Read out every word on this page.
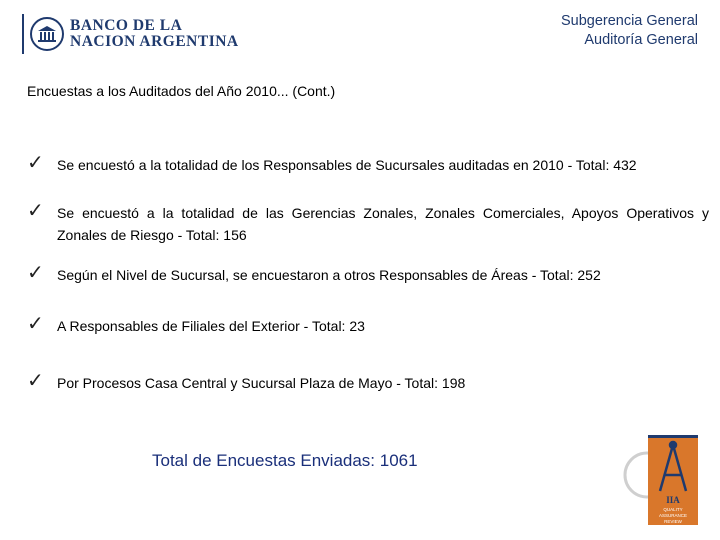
BANCO DE LA
NACION ARGENTINA
Subgerencia General
Auditoría General
Encuestas a los Auditados del Año 2010... (Cont.)
✓ Se encuestó a la totalidad de los Responsables de Sucursales auditadas en 2010 - Total: 432
✓ Se encuestó a la totalidad de las Gerencias Zonales, Zonales Comerciales, Apoyos Operativos y Zonales de Riesgo - Total: 156
✓ Según el Nivel de Sucursal, se encuestaron a otros Responsables de Áreas - Total: 252
✓ A Responsables de Filiales del Exterior - Total: 23
✓ Por Procesos Casa Central y Sucursal Plaza de Mayo - Total: 198
Total de Encuestas Enviadas: 1061
IIA
QUALITY
ASSURANCE
REVIEW
